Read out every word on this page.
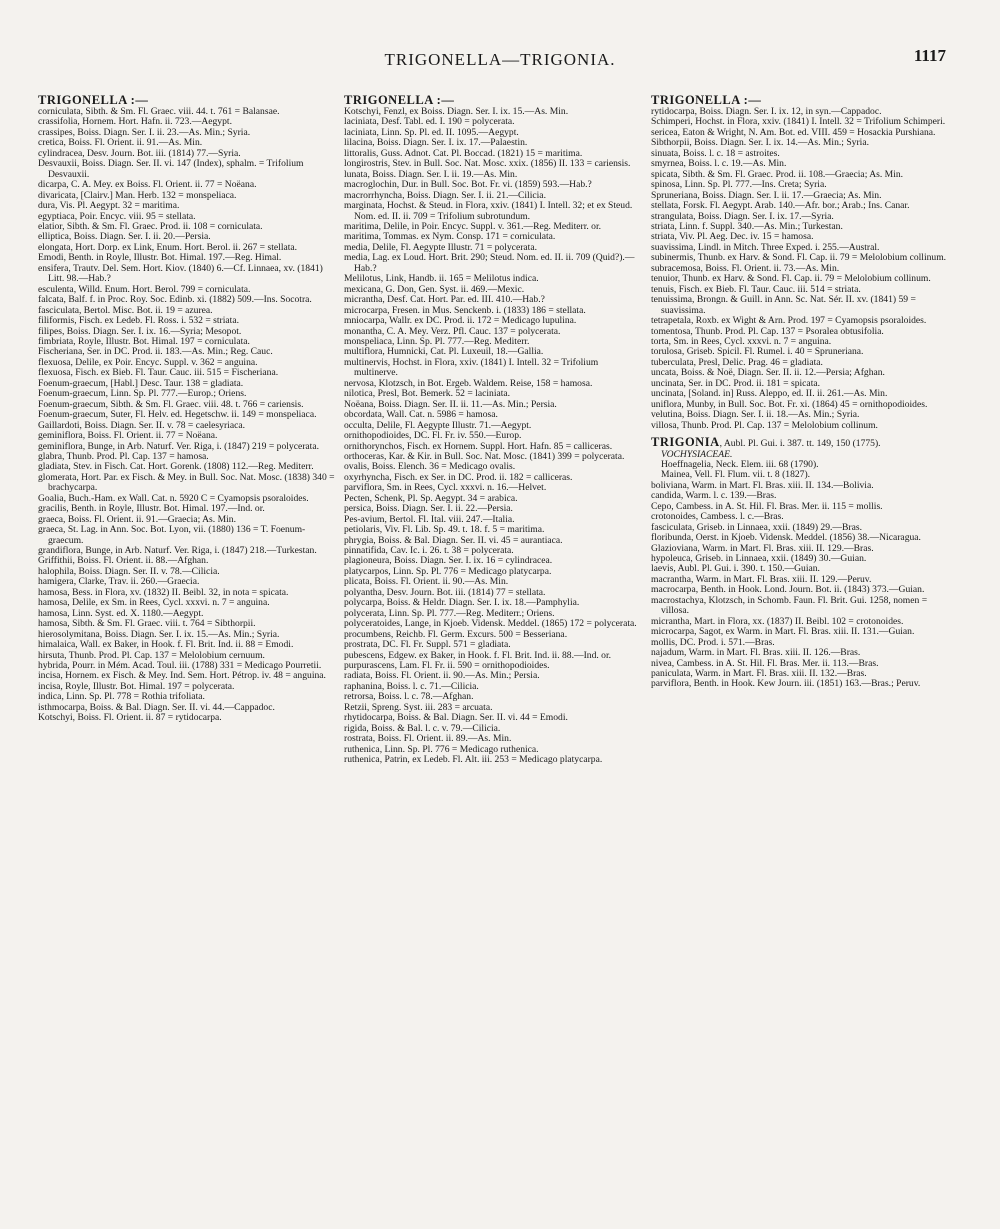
TRIGONELLA—TRIGONIA.	1117
TRIGONELLA :—

corniculata, Sibth. & Sm. Fl. Graec. viii. 44. t. 761 = Balansae.

crassifolia, Hornem. Hort. Hafn. ii. 723.—Aegypt.

crassipes, Boiss. Diagn. Ser. I. ii. 23.—As. Min.; Syria.

cretica, Boiss. Fl. Orient. ii. 91.—As. Min.

cylindracea, Desv. Journ. Bot. iii. (1814) 77.—Syria.

Desvauxii, Boiss. Diagn. Ser. II. vi. 147 (Index), sphalm. = Trifolium Desvauxii.

dicarpa, C. A. Mey. ex Boiss. Fl. Orient. ii. 77 = Noëana.

divaricata, [Clairv.] Man. Herb. 132 = monspeliaca.

dura, Vis. Pl. Aegypt. 32 = maritima.

egyptiaca, Poir. Encyc. viii. 95 = stellata.

elatior, Sibth. & Sm. Fl. Graec. Prod. ii. 108 = corniculata.

elliptica, Boiss. Diagn. Ser. I. ii. 20.—Persia.

elongata, Hort. Dorp. ex Link, Enum. Hort. Berol. ii. 267 = stellata.

Emodi, Benth. in Royle, Illustr. Bot. Himal. 197.—Reg. Himal.

ensifera, Trautv. Del. Sem. Hort. Kiov. (1840) 6.—Cf. Linnaea, xv. (1841) Litt. 98.—Hab.?

esculenta, Willd. Enum. Hort. Berol. 799 = corniculata.

falcata, Balf. f. in Proc. Roy. Soc. Edinb. xi. (1882) 509.—Ins. Socotra.

fasciculata, Bertol. Misc. Bot. ii. 19 = azurea.

filiformis, Fisch. ex Ledeb. Fl. Ross. i. 532 = striata.

filipes, Boiss. Diagn. Ser. I. ix. 16.—Syria; Mesopot.

fimbriata, Royle, Illustr. Bot. Himal. 197 = corniculata.

Fischeriana, Ser. in DC. Prod. ii. 183.—As. Min.; Reg. Cauc.

flexuosa, Delile, ex Poir. Encyc. Suppl. v. 362 = anguina.

flexuosa, Fisch. ex Bieb. Fl. Taur. Cauc. iii. 515 = Fischeriana.

Foenum-graecum, [Habl.] Desc. Taur. 138 = gladiata.

Foenum-graecum, Linn. Sp. Pl. 777.—Europ.; Oriens.

Foenum-graecum, Sibth. & Sm. Fl. Graec. viii. 48. t. 766 = cariensis.

Foenum-graecum, Suter, Fl. Helv. ed. Hegetschw. ii. 149 = monspeliaca.

Gaillardoti, Boiss. Diagn. Ser. II. v. 78 = caelesyriaca.

geminiflora, Boiss. Fl. Orient. ii. 77 = Noëana.

geminiflora, Bunge, in Arb. Naturf. Ver. Riga, i. (1847) 219 = polycerata.

glabra, Thunb. Prod. Pl. Cap. 137 = hamosa.

gladiata, Stev. in Fisch. Cat. Hort. Gorenk. (1808) 112.—Reg. Mediterr.

glomerata, Hort. Par. ex Fisch. & Mey. in Bull. Soc. Nat. Mosc. (1838) 340 = brachycarpa.

Goalia, Buch.-Ham. ex Wall. Cat. n. 5920 C = Cyamopsis psoraloides.

gracilis, Benth. in Royle, Illustr. Bot. Himal. 197.—Ind. or.

graeca, Boiss. Fl. Orient. ii. 91.—Graecia; As. Min.

graeca, St. Lag. in Ann. Soc. Bot. Lyon, vii. (1880) 136 = T. Foenum-graecum.

grandiflora, Bunge, in Arb. Naturf. Ver. Riga, i. (1847) 218.—Turkestan.

Griffithii, Boiss. Fl. Orient. ii. 88.—Afghan.

halophila, Boiss. Diagn. Ser. II. v. 78.—Cilicia.

hamigera, Clarke, Trav. ii. 260.—Graecia.

hamosa, Bess. in Flora, xv. (1832) II. Beibl. 32, in nota = spicata.

hamosa, Delile, ex Sm. in Rees, Cycl. xxxvi. n. 7 = anguina.

hamosa, Linn. Syst. ed. X. 1180.—Aegypt.

hamosa, Sibth. & Sm. Fl. Graec. viii. t. 764 = Sibthorpii.

hierosolymitana, Boiss. Diagn. Ser. I. ix. 15.—As. Min.; Syria.

himalaica, Wall. ex Baker, in Hook. f. Fl. Brit. Ind. ii. 88 = Emodi.

hirsuta, Thunb. Prod. Pl. Cap. 137 = Melolobium cernuum.

hybrida, Pourr. in Mém. Acad. Toul. iii. (1788) 331 = Medicago Pourretii.

incisa, Hornem. ex Fisch. & Mey. Ind. Sem. Hort. Pétrop. iv. 48 = anguina.

incisa, Royle, Illustr. Bot. Himal. 197 = polycerata.

indica, Linn. Sp. Pl. 778 = Rothia trifoliata.

isthmocarpa, Boiss. & Bal. Diagn. Ser. II. vi. 44.—Cappadoc.

Kotschyi, Boiss. Fl. Orient. ii. 87 = rytidocarpa.

TRIGONELLA :—

Kotschyi, Fenzl, ex Boiss. Diagn. Ser. I. ix. 15.—As. Min.

laciniata, Desf. Tabl. ed. I. 190 = polycerata.

laciniata, Linn. Sp. Pl. ed. II. 1095.—Aegypt.

lilacina, Boiss. Diagn. Ser. I. ix. 17.—Palaestin.

littoralis, Guss. Adnot. Cat. Pl. Boccad. (1821) 15 = maritima.

longirostris, Stev. in Bull. Soc. Nat. Mosc. xxix. (1856) II. 133 = cariensis.

lunata, Boiss. Diagn. Ser. I. ii. 19.—As. Min.

macroglochin, Dur. in Bull. Soc. Bot. Fr. vi. (1859) 593.—Hab.?

macrorrhyncha, Boiss. Diagn. Ser. I. ii. 21.—Cilicia.

marginata, Hochst. & Steud. in Flora, xxiv. (1841) I. Intell. 32; et ex Steud. Nom. ed. II. ii. 709 = Trifolium subrotundum.

maritima, Delile, in Poir. Encyc. Suppl. v. 361.—Reg. Mediterr. or.

maritima, Tommas. ex Nym. Consp. 171 = corniculata.

media, Delile, Fl. Aegypte Illustr. 71 = polycerata.

media, Lag. ex Loud. Hort. Brit. 290; Steud. Nom. ed. II. ii. 709 (Quid?).—Hab.?

Melilotus, Link, Handb. ii. 165 = Melilotus indica.

mexicana, G. Don, Gen. Syst. ii. 469.—Mexic.

micrantha, Desf. Cat. Hort. Par. ed. III. 410.—Hab.?

microcarpa, Fresen. in Mus. Senckenb. i. (1833) 186 = stellata.

mniocarpa, Wallr. ex DC. Prod. ii. 172 = Medicago lupulina.

monantha, C. A. Mey. Verz. Pfl. Cauc. 137 = polycerata.

monspeliaca, Linn. Sp. Pl. 777.—Reg. Mediterr.

multiflora, Humnicki, Cat. Pl. Luxeuil, 18.—Gallia.

multinervis, Hochst. in Flora, xxiv. (1841) I. Intell. 32 = Trifolium multinerve.

nervosa, Klotzsch, in Bot. Ergeb. Waldem. Reise, 158 = hamosa.

nilotica, Presl, Bot. Bemerk. 52 = laciniata.

Noëana, Boiss. Diagn. Ser. II. ii. 11.—As. Min.; Persia.

obcordata, Wall. Cat. n. 5986 = hamosa.

occulta, Delile, Fl. Aegypte Illustr. 71.—Aegypt.

ornithopodioides, DC. Fl. Fr. iv. 550.—Europ.

ornithorynchos, Fisch. ex Hornem. Suppl. Hort. Hafn. 85 = calliceras.

orthoceras, Kar. & Kir. in Bull. Soc. Nat. Mosc. (1841) 399 = polycerata.

ovalis, Boiss. Elench. 36 = Medicago ovalis.

oxyrhyncha, Fisch. ex Ser. in DC. Prod. ii. 182 = calliceras.

parviflora, Sm. in Rees, Cycl. xxxvi. n. 16.—Helvet.

Pecten, Schenk, Pl. Sp. Aegypt. 34 = arabica.

persica, Boiss. Diagn. Ser. I. ii. 22.—Persia.

Pes-avium, Bertol. Fl. Ital. viii. 247.—Italia.

petiolaris, Viv. Fl. Lib. Sp. 49. t. 18. f. 5 = maritima.

phrygia, Boiss. & Bal. Diagn. Ser. II. vi. 45 = aurantiaca.

pinnatifida, Cav. Ic. i. 26. t. 38 = polycerata.

plagioneura, Boiss. Diagn. Ser. I. ix. 16 = cylindracea.

platycarpos, Linn. Sp. Pl. 776 = Medicago platycarpa.

plicata, Boiss. Fl. Orient. ii. 90.—As. Min.

polyantha, Desv. Journ. Bot. iii. (1814) 77 = stellata.

polycarpa, Boiss. & Heldr. Diagn. Ser. I. ix. 18.—Pamphylia.

polycerata, Linn. Sp. Pl. 777.—Reg. Mediterr.; Oriens.

polyceratoides, Lange, in Kjoeb. Vidensk. Meddel. (1865) 172 = polycerata.

procumbens, Reichb. Fl. Germ. Excurs. 500 = Besseriana.

prostrata, DC. Fl. Fr. Suppl. 571 = gladiata.

pubescens, Edgew. ex Baker, in Hook. f. Fl. Brit. Ind. ii. 88.—Ind. or.

purpurascens, Lam. Fl. Fr. ii. 590 = ornithopodioides.

radiata, Boiss. Fl. Orient. ii. 90.—As. Min.; Persia.

raphanina, Boiss. l. c. 71.—Cilicia.

retrorsa, Boiss. l. c. 78.—Afghan.

Retzii, Spreng. Syst. iii. 283 = arcuata.

rhytidocarpa, Boiss. & Bal. Diagn. Ser. II. vi. 44 = Emodi.

rigida, Boiss. & Bal. l. c. v. 79.—Cilicia.

rostrata, Boiss. Fl. Orient. ii. 89.—As. Min.

ruthenica, Linn. Sp. Pl. 776 = Medicago ruthenica.

ruthenica, Patrin, ex Ledeb. Fl. Alt. iii. 253 = Medicago platycarpa.

TRIGONELLA :—

rytidocarpa, Boiss. Diagn. Ser. I. ix. 12, in syn.—Cappadoc.

Schimperi, Hochst. in Flora, xxiv. (1841) I. Intell. 32 = Trifolium Schimperi.

sericea, Eaton & Wright, N. Am. Bot. ed. VIII. 459 = Hosackia Purshiana.

Sibthorpii, Boiss. Diagn. Ser. I. ix. 14.—As. Min.; Syria.

sinuata, Boiss. l. c. 18 = astroites.

smyrnea, Boiss. l. c. 19.—As. Min.

spicata, Sibth. & Sm. Fl. Graec. Prod. ii. 108.—Graecia; As. Min.

spinosa, Linn. Sp. Pl. 777.—Ins. Creta; Syria.

Spruneriana, Boiss. Diagn. Ser. I. ii. 17.—Graecia; As. Min.

stellata, Forsk. Fl. Aegypt. Arab. 140.—Afr. bor.; Arab.; Ins. Canar.

strangulata, Boiss. Diagn. Ser. I. ix. 17.—Syria.

striata, Linn. f. Suppl. 340.—As. Min.; Turkestan.

striata, Viv. Pl. Aeg. Dec. iv. 15 = hamosa.

suavissima, Lindl. in Mitch. Three Exped. i. 255.—Austral.

subinermis, Thunb. ex Harv. & Sond. Fl. Cap. ii. 79 = Melolobium collinum.

subracemosa, Boiss. Fl. Orient. ii. 73.—As. Min.

tenuior, Thunb. ex Harv. & Sond. Fl. Cap. ii. 79 = Melolobium collinum.

tenuis, Fisch. ex Bieb. Fl. Taur. Cauc. iii. 514 = striata.

tenuissima, Brongn. & Guill. in Ann. Sc. Nat. Sér. II. xv. (1841) 59 = suavissima.

tetrapetala, Roxb. ex Wight & Arn. Prod. 197 = Cyamopsis psoraloides.

tomentosa, Thunb. Prod. Pl. Cap. 137 = Psoralea obtusifolia.

torta, Sm. in Rees, Cycl. xxxvi. n. 7 = anguina.

torulosa, Griseb. Spicil. Fl. Rumel. i. 40 = Spruneriana.

tuberculata, Presl, Delic. Prag. 46 = gladiata.

uncata, Boiss. & Noë, Diagn. Ser. II. ii. 12.—Persia; Afghan.

uncinata, Ser. in DC. Prod. ii. 181 = spicata.

uncinata, [Soland. in] Russ. Aleppo, ed. II. ii. 261.—As. Min.

uniflora, Munby, in Bull. Soc. Bot. Fr. xi. (1864) 45 = ornithopodioides.

velutina, Boiss. Diagn. Ser. I. ii. 18.—As. Min.; Syria.

villosa, Thunb. Prod. Pl. Cap. 137 = Melolobium collinum.

TRIGONIA, Aubl. Pl. Gui. i. 387. tt. 149, 150 (1775).

VOCHYSIACEAE.

Hoeffnagelia, Neck. Elem. iii. 68 (1790).

Mainea, Vell. Fl. Flum. vii. t. 8 (1827).

boliviana, Warm. in Mart. Fl. Bras. xiii. II. 134.—Bolivia.

candida, Warm. l. c. 139.—Bras.

Cepo, Cambess. in A. St. Hil. Fl. Bras. Mer. ii. 115 = mollis.

crotonoides, Cambess. l. c.—Bras.

fasciculata, Griseb. in Linnaea, xxii. (1849) 29.—Bras.

floribunda, Oerst. in Kjoeb. Vidensk. Meddel. (1856) 38.—Nicaragua.

Glazioviana, Warm. in Mart. Fl. Bras. xiii. II. 129.—Bras.

hypoleuca, Griseb. in Linnaea, xxii. (1849) 30.—Guian.

laevis, Aubl. Pl. Gui. i. 390. t. 150.—Guian.

macrantha, Warm. in Mart. Fl. Bras. xiii. II. 129.—Peruv.

macrocarpa, Benth. in Hook. Lond. Journ. Bot. ii. (1843) 373.—Guian.

macrostachya, Klotzsch, in Schomb. Faun. Fl. Brit. Gui. 1258, nomen = villosa.

micrantha, Mart. in Flora, xx. (1837) II. Beibl. 102 = crotonoides.

microcarpa, Sagot, ex Warm. in Mart. Fl. Bras. xiii. II. 131.—Guian.

mollis, DC. Prod. i. 571.—Bras.

najadum, Warm. in Mart. Fl. Bras. xiii. II. 126.—Bras.

nivea, Cambess. in A. St. Hil. Fl. Bras. Mer. ii. 113.—Bras.

paniculata, Warm. in Mart. Fl. Bras. xiii. II. 132.—Bras.

parviflora, Benth. in Hook. Kew Journ. iii. (1851) 163.—Bras.; Peruv.
